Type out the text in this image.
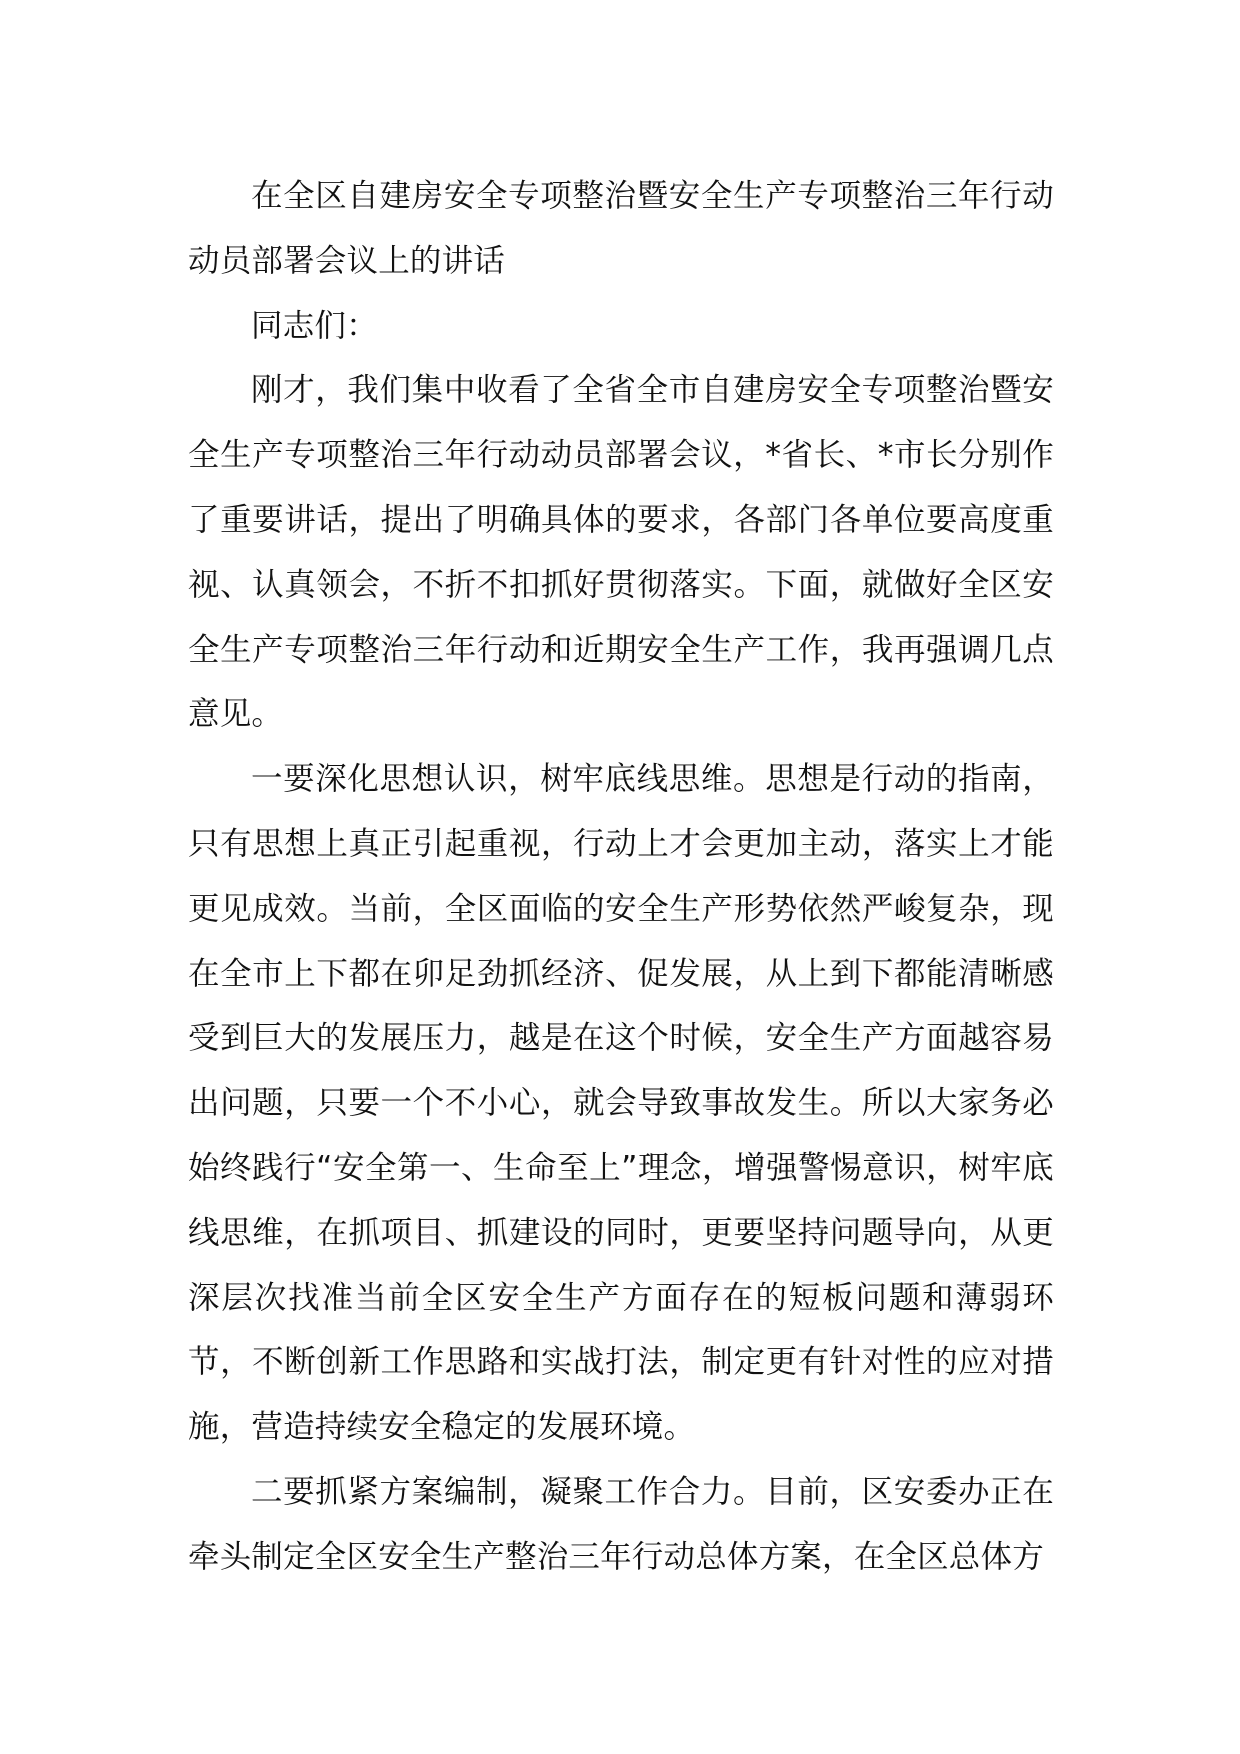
在全区自建房安全专项整治暨安全生产专项整治三年行动动员部署会议上的讲话

同志们：

刚才，我们集中收看了全省全市自建房安全专项整治暨安全生产专项整治三年行动动员部署会议，*省长、*市长分别作了重要讲话，提出了明确具体的要求，各部门各单位要高度重视、认真领会，不折不扣抓好贯彻落实。下面，就做好全区安全生产专项整治三年行动和近期安全生产工作，我再强调几点意见。

一要深化思想认识，树牢底线思维。思想是行动的指南，只有思想上真正引起重视，行动上才会更加主动，落实上才能更见成效。当前，全区面临的安全生产形势依然严峻复杂，现在全市上下都在卯足劲抓经济、促发展，从上到下都能清晰感受到巨大的发展压力，越是在这个时候，安全生产方面越容易出问题，只要一个不小心，就会导致事故发生。所以大家务必始终践行“安全第一、生命至上”理念，增强警惕意识，树牢底线思维，在抓项目、抓建设的同时，更要坚持问题导向，从更深层次找准当前全区安全生产方面存在的短板问题和薄弱环节，不断创新工作思路和实战打法，制定更有针对性的应对措施，营造持续安全稳定的发展环境。

二要抓紧方案编制，凝聚工作合力。目前，区安委办正在牵头制定全区安全生产整治三年行动总体方案，在全区总体方
